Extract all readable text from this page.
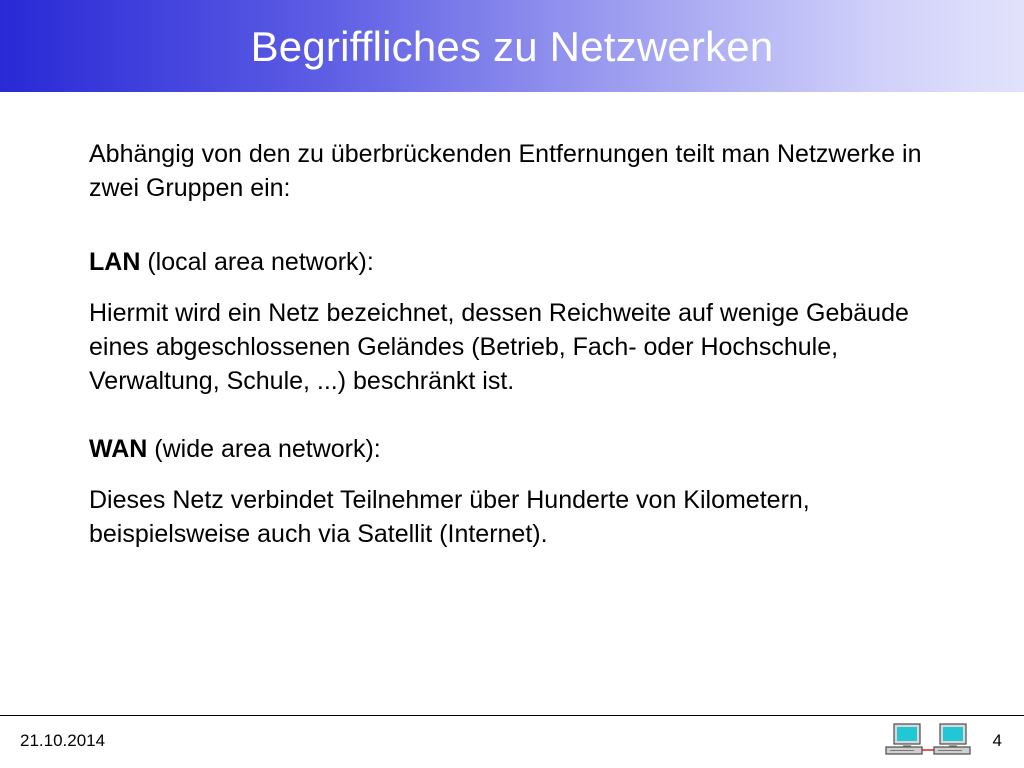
Begriffliches zu Netzwerken

Abhängig von den zu überbrückenden Entfernungen teilt man Netzwerke in zwei Gruppen ein:

LAN (local area network):

Hiermit wird ein Netz bezeichnet, dessen Reichweite auf wenige Gebäude eines abgeschlossenen Geländes (Betrieb, Fach- oder Hochschule, Verwaltung, Schule, ...) beschränkt ist.

WAN (wide area network):

Dieses Netz verbindet Teilnehmer über Hunderte von Kilometern, beispielsweise auch via Satellit (Internet).

21.10.2014	4
